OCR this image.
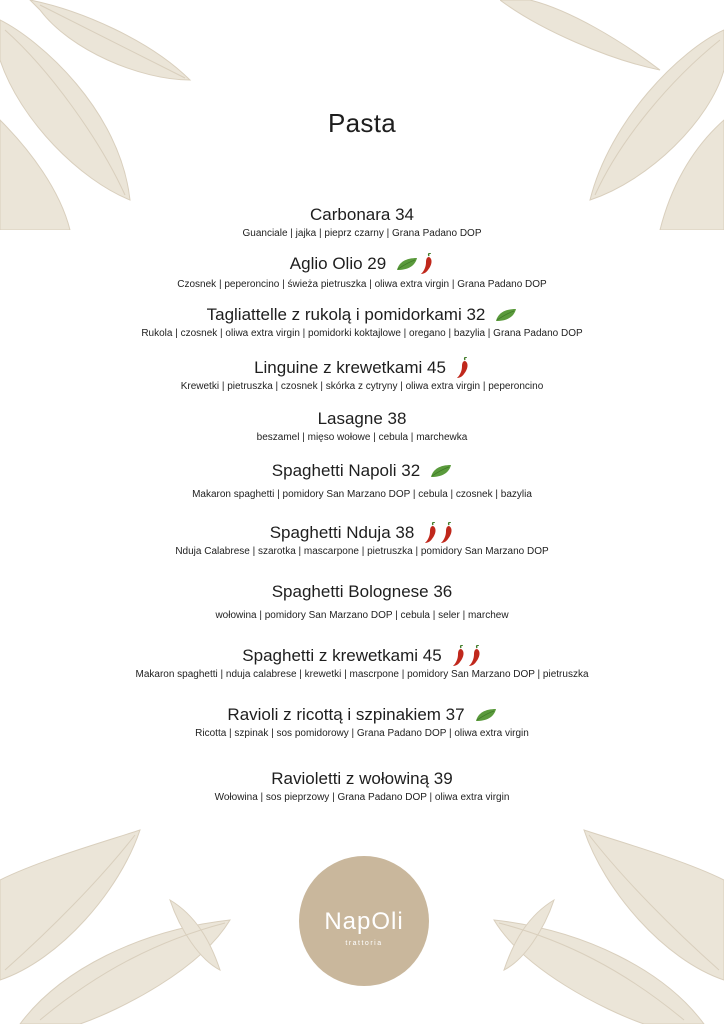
Pasta
Carbonara 34
Guanciale | jajka | pieprz czarny | Grana Padano DOP
Aglio Olio 29
Czosnek | peperoncino | świeża pietruszka | oliwa extra virgin | Grana Padano DOP
Tagliattelle z rukolą i pomidorkami 32
Rukola | czosnek | oliwa extra virgin | pomidorki koktajlowe | oregano | bazylia | Grana Padano DOP
Linguine z krewetkami 45
Krewetki | pietruszka | czosnek | skórka z cytryny | oliwa extra virgin | peperoncino
Lasagne 38
beszamel | mięso wołowe | cebula | marchewka
Spaghetti Napoli 32
Makaron spaghetti | pomidory San Marzano DOP | cebula | czosnek | bazylia
Spaghetti Nduja 38
Nduja Calabrese | szarotka | mascarpone | pietruszka | pomidory San Marzano DOP
Spaghetti Bolognese 36
wołowina | pomidory San Marzano DOP | cebula | seler | marchew
Spaghetti z krewetkami 45
Makaron spaghetti | nduja calabrese | krewetki | mascrpone | pomidory San Marzano DOP | pietruszka
Ravioli z ricottą i szpinakiem 37
Ricotta | szpinak | sos pomidorowy | Grana Padano DOP | oliwa extra virgin
Ravioletti z wołowiną 39
Wołowina | sos pieprzowy | Grana Padano DOP | oliwa extra virgin
NapOli
trattoria
